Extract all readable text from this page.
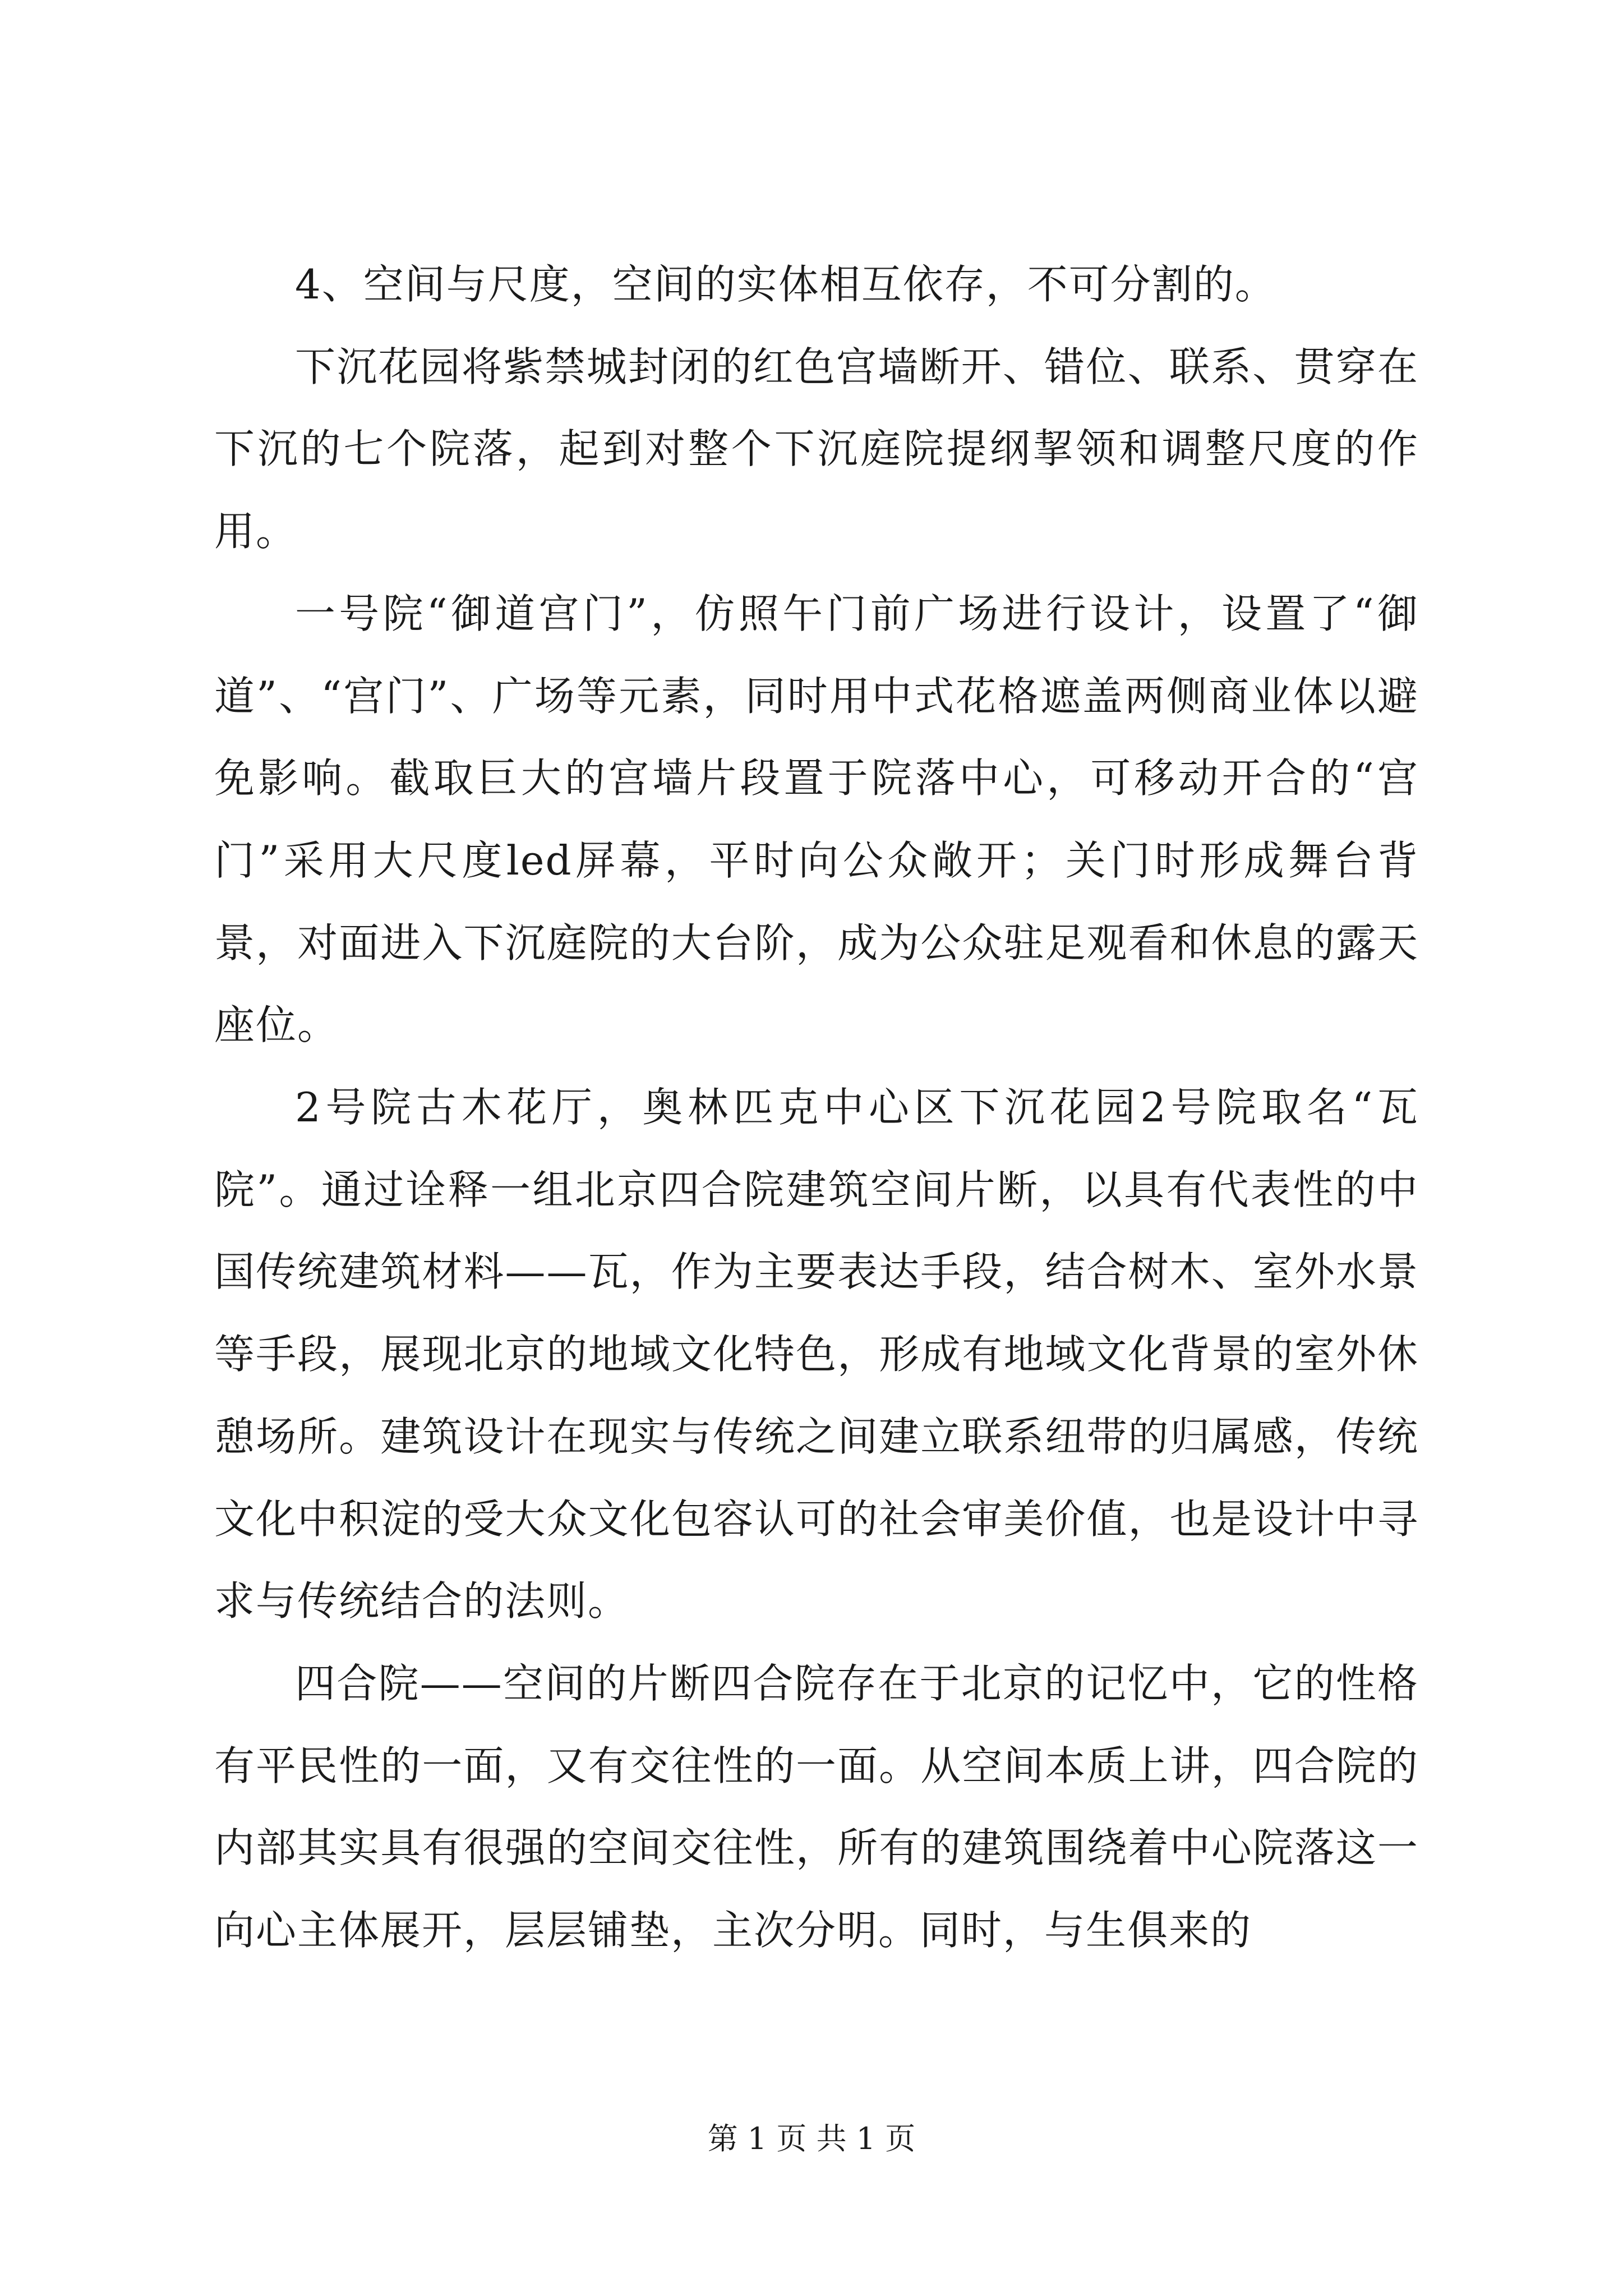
4、空间与尺度，空间的实体相互依存，不可分割的。

下沉花园将紫禁城封闭的红色宫墙断开、错位、联系、贯穿在下沉的七个院落，起到对整个下沉庭院提纲挈领和调整尺度的作用。

一号院“御道宫门”，仿照午门前广场进行设计，设置了“御道”、“宫门”、广场等元素，同时用中式花格遮盖两侧商业体以避免影响。截取巨大的宫墙片段置于院落中心，可移动开合的“宫门”采用大尺度led屏幕，平时向公众敞开；关门时形成舞台背景，对面进入下沉庭院的大台阶，成为公众驻足观看和休息的露天座位。

2号院古木花厅，奥林匹克中心区下沉花园2号院取名“瓦院”。通过诠释一组北京四合院建筑空间片断，以具有代表性的中国传统建筑材料——瓦，作为主要表达手段，结合树木、室外水景等手段，展现北京的地域文化特色，形成有地域文化背景的室外休憩场所。建筑设计在现实与传统之间建立联系纽带的归属感，传统文化中积淀的受大众文化包容认可的社会审美价值，也是设计中寻求与传统结合的法则。

四合院——空间的片断四合院存在于北京的记忆中，它的性格有平民性的一面，又有交往性的一面。从空间本质上讲，四合院的内部其实具有很强的空间交往性，所有的建筑围绕着中心院落这一向心主体展开，层层铺垫，主次分明。同时，与生俱来的

第 1 页 共 1 页
